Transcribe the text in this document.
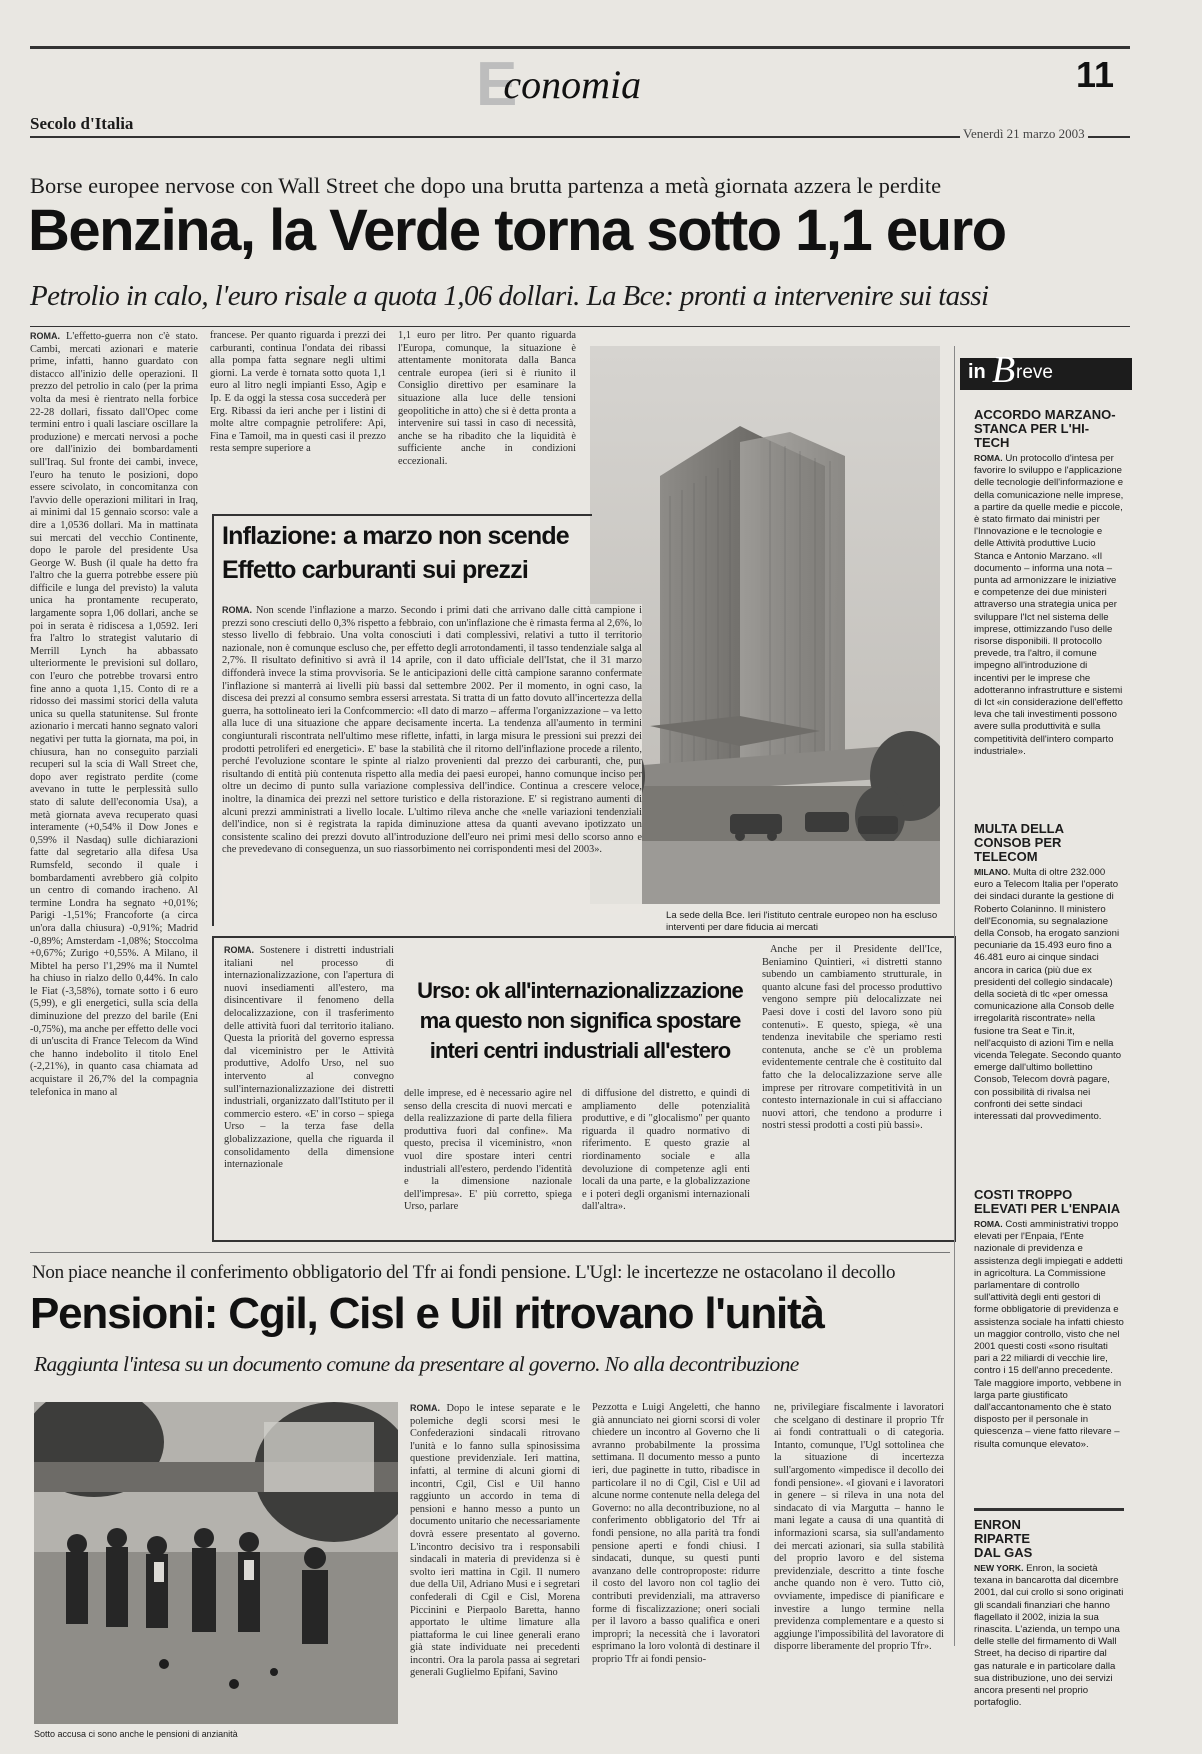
Economia	11
Secolo d'Italia
Venerdì 21 marzo 2003
Borse europee nervose con Wall Street che dopo una brutta partenza a metà giornata azzera le perdite
Benzina, la Verde torna sotto 1,1 euro
Petrolio in calo, l'euro risale a quota 1,06 dollari. La Bce: pronti a intervenire sui tassi

ROMA. L'effetto-guerra non c'è stato. Cambi, mercati azionari e materie prime, infatti, hanno guardato con distacco all'inizio delle operazioni. Il prezzo del petrolio in calo (per la prima volta da mesi è rientrato nella forbice 22-28 dollari, fissato dall'Opec come termini entro i quali lasciare oscillare la produzione) e mercati nervosi a poche ore dall'inizio dei bombardamenti sull'Iraq. Sul fronte dei cambi, invece, l'euro ha tenuto le posizioni, dopo essere scivolato, in concomitanza con l'avvio delle operazioni militari in Iraq, ai minimi dal 15 gennaio scorso: vale a dire a 1,0536 dollari. Ma in mattinata sui mercati del vecchio Continente, dopo le parole del presidente Usa George W. Bush (il quale ha detto fra l'altro che la guerra potrebbe essere più difficile e lunga del previsto) la valuta unica ha prontamente recuperato, largamente sopra 1,06 dollari, anche se poi in serata è ridiscesa a 1,0592. Ieri fra l'altro lo strategist valutario di Merrill Lynch ha abbassato ulteriormente le previsioni sul dollaro, con l'euro che potrebbe trovarsi entro fine anno a quota 1,15. Conto di re a ridosso dei massimi storici della valuta unica su quella statunitense. Sul fronte azionario i mercati hanno segnato valori negativi per tutta la giornata, ma poi, in chiusura, han no conseguito parziali recuperi sul la scia di Wall Street che, dopo aver registrato perdite (come avevano in tutte le perplessità sullo stato di salute dell'economia Usa), a metà giornata aveva recuperato quasi interamente (+0,54% il Dow Jones e 0,59% il Nasdaq) sulle dichiarazioni fatte dal segretario alla difesa Usa Rumsfeld, secondo il quale i bombardamenti avrebbero già colpito un centro di comando iracheno. Al termine Londra ha segnato +0,01%; Parigi -1,51%; Francoforte (a circa un'ora dalla chiusura) -0,91%; Madrid -0,89%; Amsterdam -1,08%; Stoccolma +0,67%; Zurigo +0,55%. A Milano, il Mibtel ha perso l'1,29% ma il Numtel ha chiuso in rialzo dello 0,44%. In calo le Fiat (-3,58%), tornate sotto i 6 euro (5,99), e gli energetici, sulla scia della diminuzione del prezzo del barile (Eni -0,75%), ma anche per effetto delle voci di un'uscita di France Telecom da Wind che hanno indebolito il titolo Enel (-2,21%), in quanto casa chiamata ad acquistare il 26,7% del la compagnia telefonica in mano al

francese. Per quanto riguarda i prezzi dei carburanti, continua l'ondata dei ribassi alla pompa fatta segnare negli ultimi giorni. La verde è tornata sotto quota 1,1 euro al litro negli impianti Esso, Agip e Ip. E da oggi la stessa cosa succederà per Erg. Ribassi da ieri anche per i listini di molte altre compagnie petrolifere: Api, Fina e Tamoil, ma in questi casi il prezzo resta sempre superiore a

1,1 euro per litro. Per quanto riguarda l'Europa, comunque, la situazione è attentamente monitorata dalla Banca centrale europea (ieri si è riunito il Consiglio direttivo per esaminare la situazione alla luce delle tensioni geopolitiche in atto) che si è detta pronta a intervenire sui tassi in caso di necessità, anche se ha ribadito che la liquidità è sufficiente anche in condizioni eccezionali.

La sede della Bce. Ieri l'istituto centrale europeo non ha escluso interventi per dare fiducia ai mercati
Inflazione: a marzo non scende
Effetto carburanti sui prezzi

ROMA. Non scende l'inflazione a marzo. Secondo i primi dati che arrivano dalle città campione i prezzi sono cresciuti dello 0,3% rispetto a febbraio, con un'inflazione che è rimasta ferma al 2,6%, lo stesso livello di febbraio. Una volta conosciuti i dati complessivi, relativi a tutto il territorio nazionale, non è comunque escluso che, per effetto degli arrotondamenti, il tasso tendenziale salga al 2,7%. Il risultato definitivo si avrà il 14 aprile, con il dato ufficiale dell'Istat, che il 31 marzo diffonderà invece la stima provvisoria. Se le anticipazioni delle città campione saranno confermate l'inflazione si manterrà ai livelli più bassi dal settembre 2002. Per il momento, in ogni caso, la discesa dei prezzi al consumo sembra essersi arrestata. Si tratta di un fatto dovuto all'incertezza della guerra, ha sottolineato ieri la Confcommercio: «Il dato di marzo – afferma l'organizzazione – va letto alla luce di una situazione che appare decisamente incerta. La tendenza all'aumento in termini congiunturali riscontrata nell'ultimo mese riflette, infatti, in larga misura le pressioni sui prezzi dei prodotti petroliferi ed energetici». E' base la stabilità che il ritorno dell'inflazione procede a rilento, perché l'evoluzione scontare le spinte al rialzo provenienti dal prezzo dei carburanti, che, pur risultando di entità più contenuta rispetto alla media dei paesi europei, hanno comunque inciso per oltre un decimo di punto sulla variazione complessiva dell'indice. Continua a crescere veloce, inoltre, la dinamica dei prezzi nel settore turistico e della ristorazione. E' si registrano aumenti di alcuni prezzi amministrati a livello locale. L'ultimo rileva anche che «nelle variazioni tendenziali dell'indice, non si è registrata la rapida diminuzione attesa da quanti avevano ipotizzato un consistente scalino dei prezzi dovuto all'introduzione dell'euro nei primi mesi dello scorso anno e che prevedevano di conseguenza, un suo riassorbimento nei corrispondenti mesi del 2003».

ROMA. Sostenere i distretti industriali italiani nel processo di internazionalizzazione, con l'apertura di nuovi insediamenti all'estero, ma disincentivare il fenomeno della delocalizzazione, con il trasferimento delle attività fuori dal territorio italiano. Questa la priorità del governo espressa dal viceministro per le Attività produttive, Adolfo Urso, nel suo intervento al convegno sull'internazionalizzazione dei distretti industriali, organizzato dall'Istituto per il commercio estero. «E' in corso – spiega Urso – la terza fase della globalizzazione, quella che riguarda il consolidamento della dimensione internazionale

Urso: ok all'internazionalizzazione
ma questo non significa spostare
interi centri industriali all'estero

delle imprese, ed è necessario agire nel senso della crescita di nuovi mercati e della realizzazione di parte della filiera produttiva fuori dal confine». Ma questo, precisa il viceministro, «non vuol dire spostare interi centri industriali all'estero, perdendo l'identità e la dimensione nazionale dell'impresa». E' più corretto, spiega Urso, parlare

di diffusione del distretto, e quindi di ampliamento delle potenzialità produttive, e di "glocalismo" per quanto riguarda il quadro normativo di riferimento. E questo grazie al riordinamento sociale e alla devoluzione di competenze agli enti locali da una parte, e la globalizzazione e i poteri degli organismi internazionali dall'altra».

Anche per il Presidente dell'Ice, Beniamino Quintieri, «i distretti stanno subendo un cambiamento strutturale, in quanto alcune fasi del processo produttivo vengono sempre più delocalizzate nei Paesi dove i costi del lavoro sono più contenuti». E questo, spiega, «è una tendenza inevitabile che speriamo resti contenuta, anche se c'è un problema evidentemente centrale che è costituito dal fatto che la delocalizzazione serve alle imprese per ritrovare competitività in un contesto internazionale in cui si affacciano nuovi attori, che tendono a produrre i nostri stessi prodotti a costi più bassi».

in B reve

ACCORDO MARZANO-STANCA PER L'HI-TECH

ROMA. Un protocollo d'intesa per favorire lo sviluppo e l'applicazione delle tecnologie dell'informazione e della comunicazione nelle imprese, a partire da quelle medie e piccole, è stato firmato dai ministri per l'Innovazione e le tecnologie e delle Attività produttive Lucio Stanca e Antonio Marzano. «Il documento – informa una nota – punta ad armonizzare le iniziative e competenze dei due ministeri attraverso una strategia unica per sviluppare l'Ict nel sistema delle imprese, ottimizzando l'uso delle risorse disponibili. Il protocollo prevede, tra l'altro, il comune impegno all'introduzione di incentivi per le imprese che adotteranno infrastrutture e sistemi di Ict «in considerazione dell'effetto leva che tali investimenti possono avere sulla produttività e sulla competitività dell'intero comparto industriale».

MULTA DELLA CONSOB PER TELECOM

MILANO. Multa di oltre 232.000 euro a Telecom Italia per l'operato dei sindaci durante la gestione di Roberto Colaninno. Il ministero dell'Economia, su segnalazione della Consob, ha erogato sanzioni pecuniarie da 15.493 euro fino a 46.481 euro ai cinque sindaci ancora in carica (più due ex presidenti del collegio sindacale) della società di tlc «per omessa comunicazione alla Consob delle irregolarità riscontrate» nella fusione tra Seat e Tin.it, nell'acquisto di azioni Tim e nella vicenda Telegate. Secondo quanto emerge dall'ultimo bollettino Consob, Telecom dovrà pagare, con possibilità di rivalsa nei confronti dei sette sindaci interessati dal provvedimento.

COSTI TROPPO ELEVATI PER L'ENPAIA

ROMA. Costi amministrativi troppo elevati per l'Enpaia, l'Ente nazionale di previdenza e assistenza degli impiegati e addetti in agricoltura. La Commissione parlamentare di controllo sull'attività degli enti gestori di forme obbligatorie di previdenza e assistenza sociale ha infatti chiesto un maggior controllo, visto che nel 2001 questi costi «sono risultati pari a 22 miliardi di vecchie lire, contro i 15 dell'anno precedente. Tale maggiore importo, vebbene in larga parte giustificato dall'accantonamento che è stato disposto per il personale in quiescenza – viene fatto rilevare – risulta comunque elevato».

ENRON RIPARTE DAL GAS

NEW YORK. Enron, la società texana in bancarotta dal dicembre 2001, dal cui crollo si sono originati gli scandali finanziari che hanno flagellato il 2002, inizia la sua rinascita. L'azienda, un tempo una delle stelle del firmamento di Wall Street, ha deciso di ripartire dal gas naturale e in particolare dalla sua distribuzione, uno dei servizi ancora presenti nel proprio portafoglio.

Non piace neanche il conferimento obbligatorio del Tfr ai fondi pensione. L'Ugl: le incertezze ne ostacolano il decollo
Pensioni: Cgil, Cisl e Uil ritrovano l'unità
Raggiunta l'intesa su un documento comune da presentare al governo. No alla decontribuzione
Sotto accusa ci sono anche le pensioni di anzianità

ROMA. Dopo le intese separate e le polemiche degli scorsi mesi le Confederazioni sindacali ritrovano l'unità e lo fanno sulla spinosissima questione previdenziale. Ieri mattina, infatti, al termine di alcuni giorni di incontri, Cgil, Cisl e Uil hanno raggiunto un accordo in tema di pensioni e hanno messo a punto un documento unitario che necessariamente dovrà essere presentato al governo. L'incontro decisivo tra i responsabili sindacali in materia di previdenza si è svolto ieri mattina in Cgil. Il numero due della Uil, Adriano Musi e i segretari confederali di Cgil e Cisl, Morena Piccinini e Pierpaolo Baretta, hanno apportato le ultime limature alla piattaforma le cui linee generali erano già state individuate nei precedenti incontri. Ora la parola passa ai segretari generali Guglielmo Epifani, Savino

Pezzotta e Luigi Angeletti, che hanno già annunciato nei giorni scorsi di voler chiedere un incontro al Governo che li avranno probabilmente la prossima settimana. Il documento messo a punto ieri, due paginette in tutto, ribadisce in particolare il no di Cgil, Cisl e Uil ad alcune norme contenute nella delega del Governo: no alla decontribuzione, no al conferimento obbligatorio del Tfr ai fondi pensione, no alla parità tra fondi pensione aperti e fondi chiusi. I sindacati, dunque, su questi punti avanzano delle controproposte: ridurre il costo del lavoro non col taglio dei contributi previdenziali, ma attraverso forme di fiscalizzazione; oneri sociali per il lavoro a basso qualifica e oneri impropri; la necessità che i lavoratori esprimano la loro volontà di destinare il proprio Tfr ai fondi pensio-

ne, privilegiare fiscalmente i lavoratori che scelgano di destinare il proprio Tfr ai fondi contrattuali o di categoria. Intanto, comunque, l'Ugl sottolinea che la situazione di incertezza sull'argomento «impedisce il decollo dei fondi pensione». «I giovani e i lavoratori in genere – si rileva in una nota del sindacato di via Margutta – hanno le mani legate a causa di una quantità di informazioni scarsa, sia sull'andamento dei mercati azionari, sia sulla stabilità del proprio lavoro e del sistema previdenziale, descritto a tinte fosche anche quando non è vero. Tutto ciò, ovviamente, impedisce di pianificare e investire a lungo termine nella previdenza complementare e a questo si aggiunge l'impossibilità del lavoratore di disporre liberamente del proprio Tfr».
